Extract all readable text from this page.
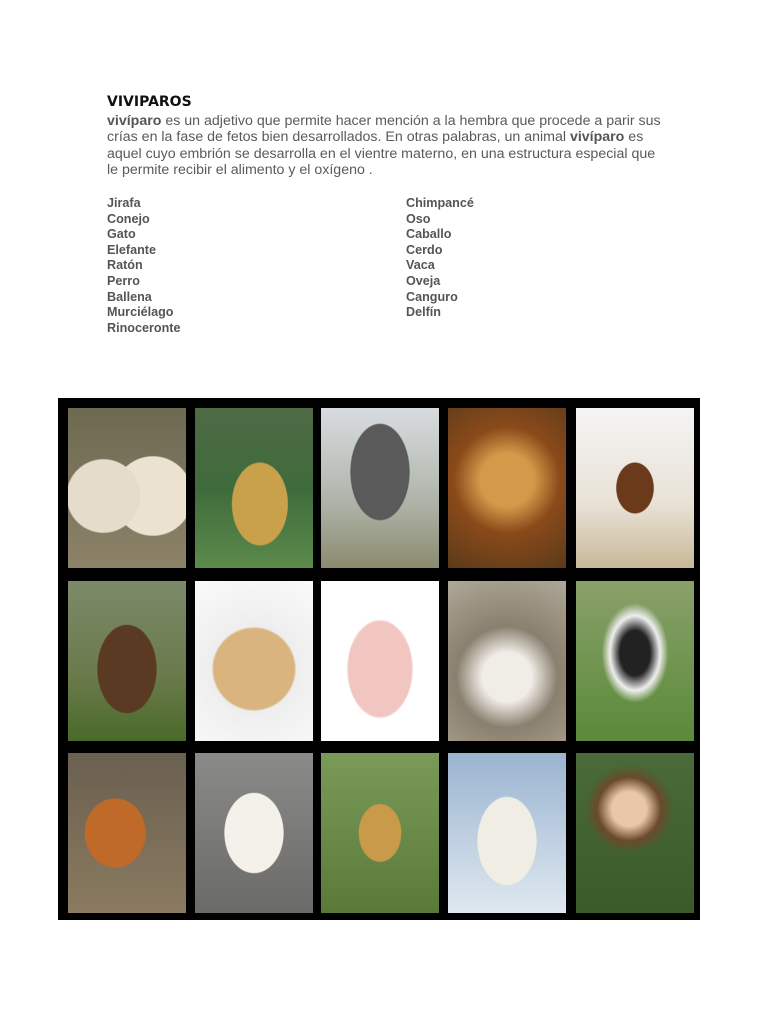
VIVIPAROS
vivíparo es un adjetivo que permite hacer mención a la hembra que procede a parir sus crías en la fase de fetos bien desarrollados. En otras palabras, un animal vivíparo es aquel cuyo embrión se desarrolla en el vientre materno, en una estructura especial que le permite recibir el alimento y el oxígeno .
Jirafa
Conejo
Gato
Elefante
Ratón
Perro
Ballena
Murciélago
Rinoceronte
Chimpancé
Oso
Caballo
Cerdo
Vaca
Oveja
Canguro
Delfín
